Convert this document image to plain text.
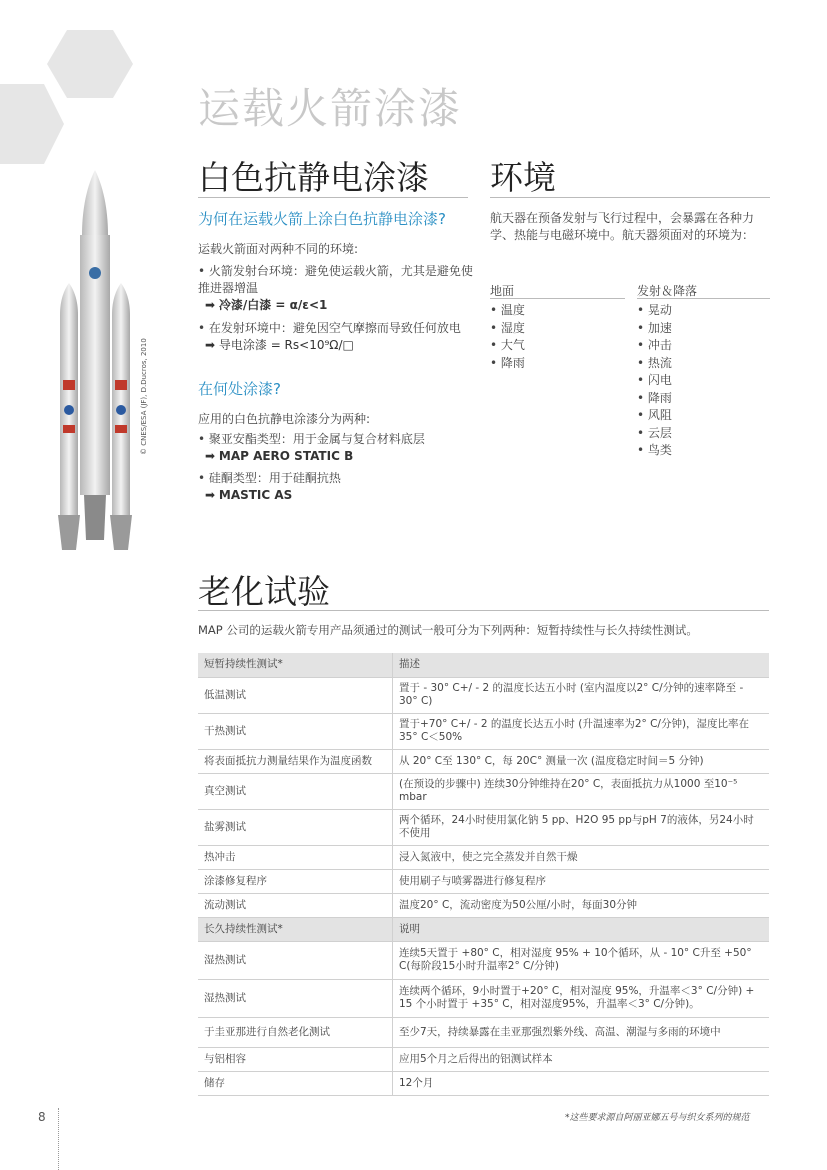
运载火箭涂漆
© CNES/ESA (JF), D.Ducros, 2010
白色抗静电涂漆
为何在运载火箭上涂白色抗静电涂漆?
运载火箭面对两种不同的环境:
• 火箭发射台环境：避免使运载火箭，尤其是避免使推进器增温
➡ 冷漆/白漆 = α/ε<1
• 在发射环境中：避免因空气摩擦而导致任何放电
➡ 导电涂漆 = Rs<10⁹Ω/□
在何处涂漆?
应用的白色抗静电涂漆分为两种:
• 聚亚安酯类型：用于金属与复合材料底层
➡ MAP AERO STATIC B
• 硅酮类型：用于硅酮抗热
➡ MASTIC AS
环境
航天器在预备发射与飞行过程中，会暴露在各种力学、热能与电磁环境中。航天器须面对的环境为：
地面
• 温度
• 湿度
• 大气
• 降雨
发射＆降落
• 晃动
• 加速
• 冲击
• 热流
• 闪电
• 降雨
• 风阻
• 云层
• 鸟类
老化试验
MAP 公司的运载火箭专用产品须通过的测试一般可分为下列两种：短暂持续性与长久持续性测试。
短暂持续性测试*	描述
低温测试	置于 - 30° C+/ - 2 的温度长达五小时 (室内温度以2° C/分钟的速率降至 - 30° C)
干热测试	置于+70° C+/ - 2 的温度长达五小时 (升温速率为2° C/分钟)，湿度比率在35° C＜50%
将表面抵抗力测量结果作为温度函数	从 20° C至 130° C，每 20C° 测量一次 (温度稳定时间＝5 分钟)
真空测试	(在预设的步骤中) 连续30分钟维持在20° C，表面抵抗力从1000 至10⁻⁵ mbar
盐雾测试	两个循环，24小时使用氯化钠 5 pp、H2O 95 pp与pH 7的液体，另24小时不使用
热冲击	浸入氮液中，使之完全蒸发并自然干燥
涂漆修复程序	使用刷子与喷雾器进行修复程序
流动测试	温度20° C，流动密度为50公厘/小时，每面30分钟
长久持续性测试*	说明
湿热测试	连续5天置于 +80° C，相对湿度 95% + 10个循环，从 - 10° C升至 +50° C(每阶段15小时升温率2° C/分钟)
湿热测试	连续两个循环，9小时置于+20° C，相对湿度 95%，升温率＜3° C/分钟) + 15 个小时置于 +35° C，相对湿度95%，升温率＜3° C/分钟)。
于圭亚那进行自然老化测试	至少7天，持续暴露在圭亚那强烈紫外线、高温、潮湿与多雨的环境中
与铝相容	应用5个月之后得出的铝测试样本
储存	12个月
8	*这些要求源自阿丽亚娜五号与织女系列的规范
